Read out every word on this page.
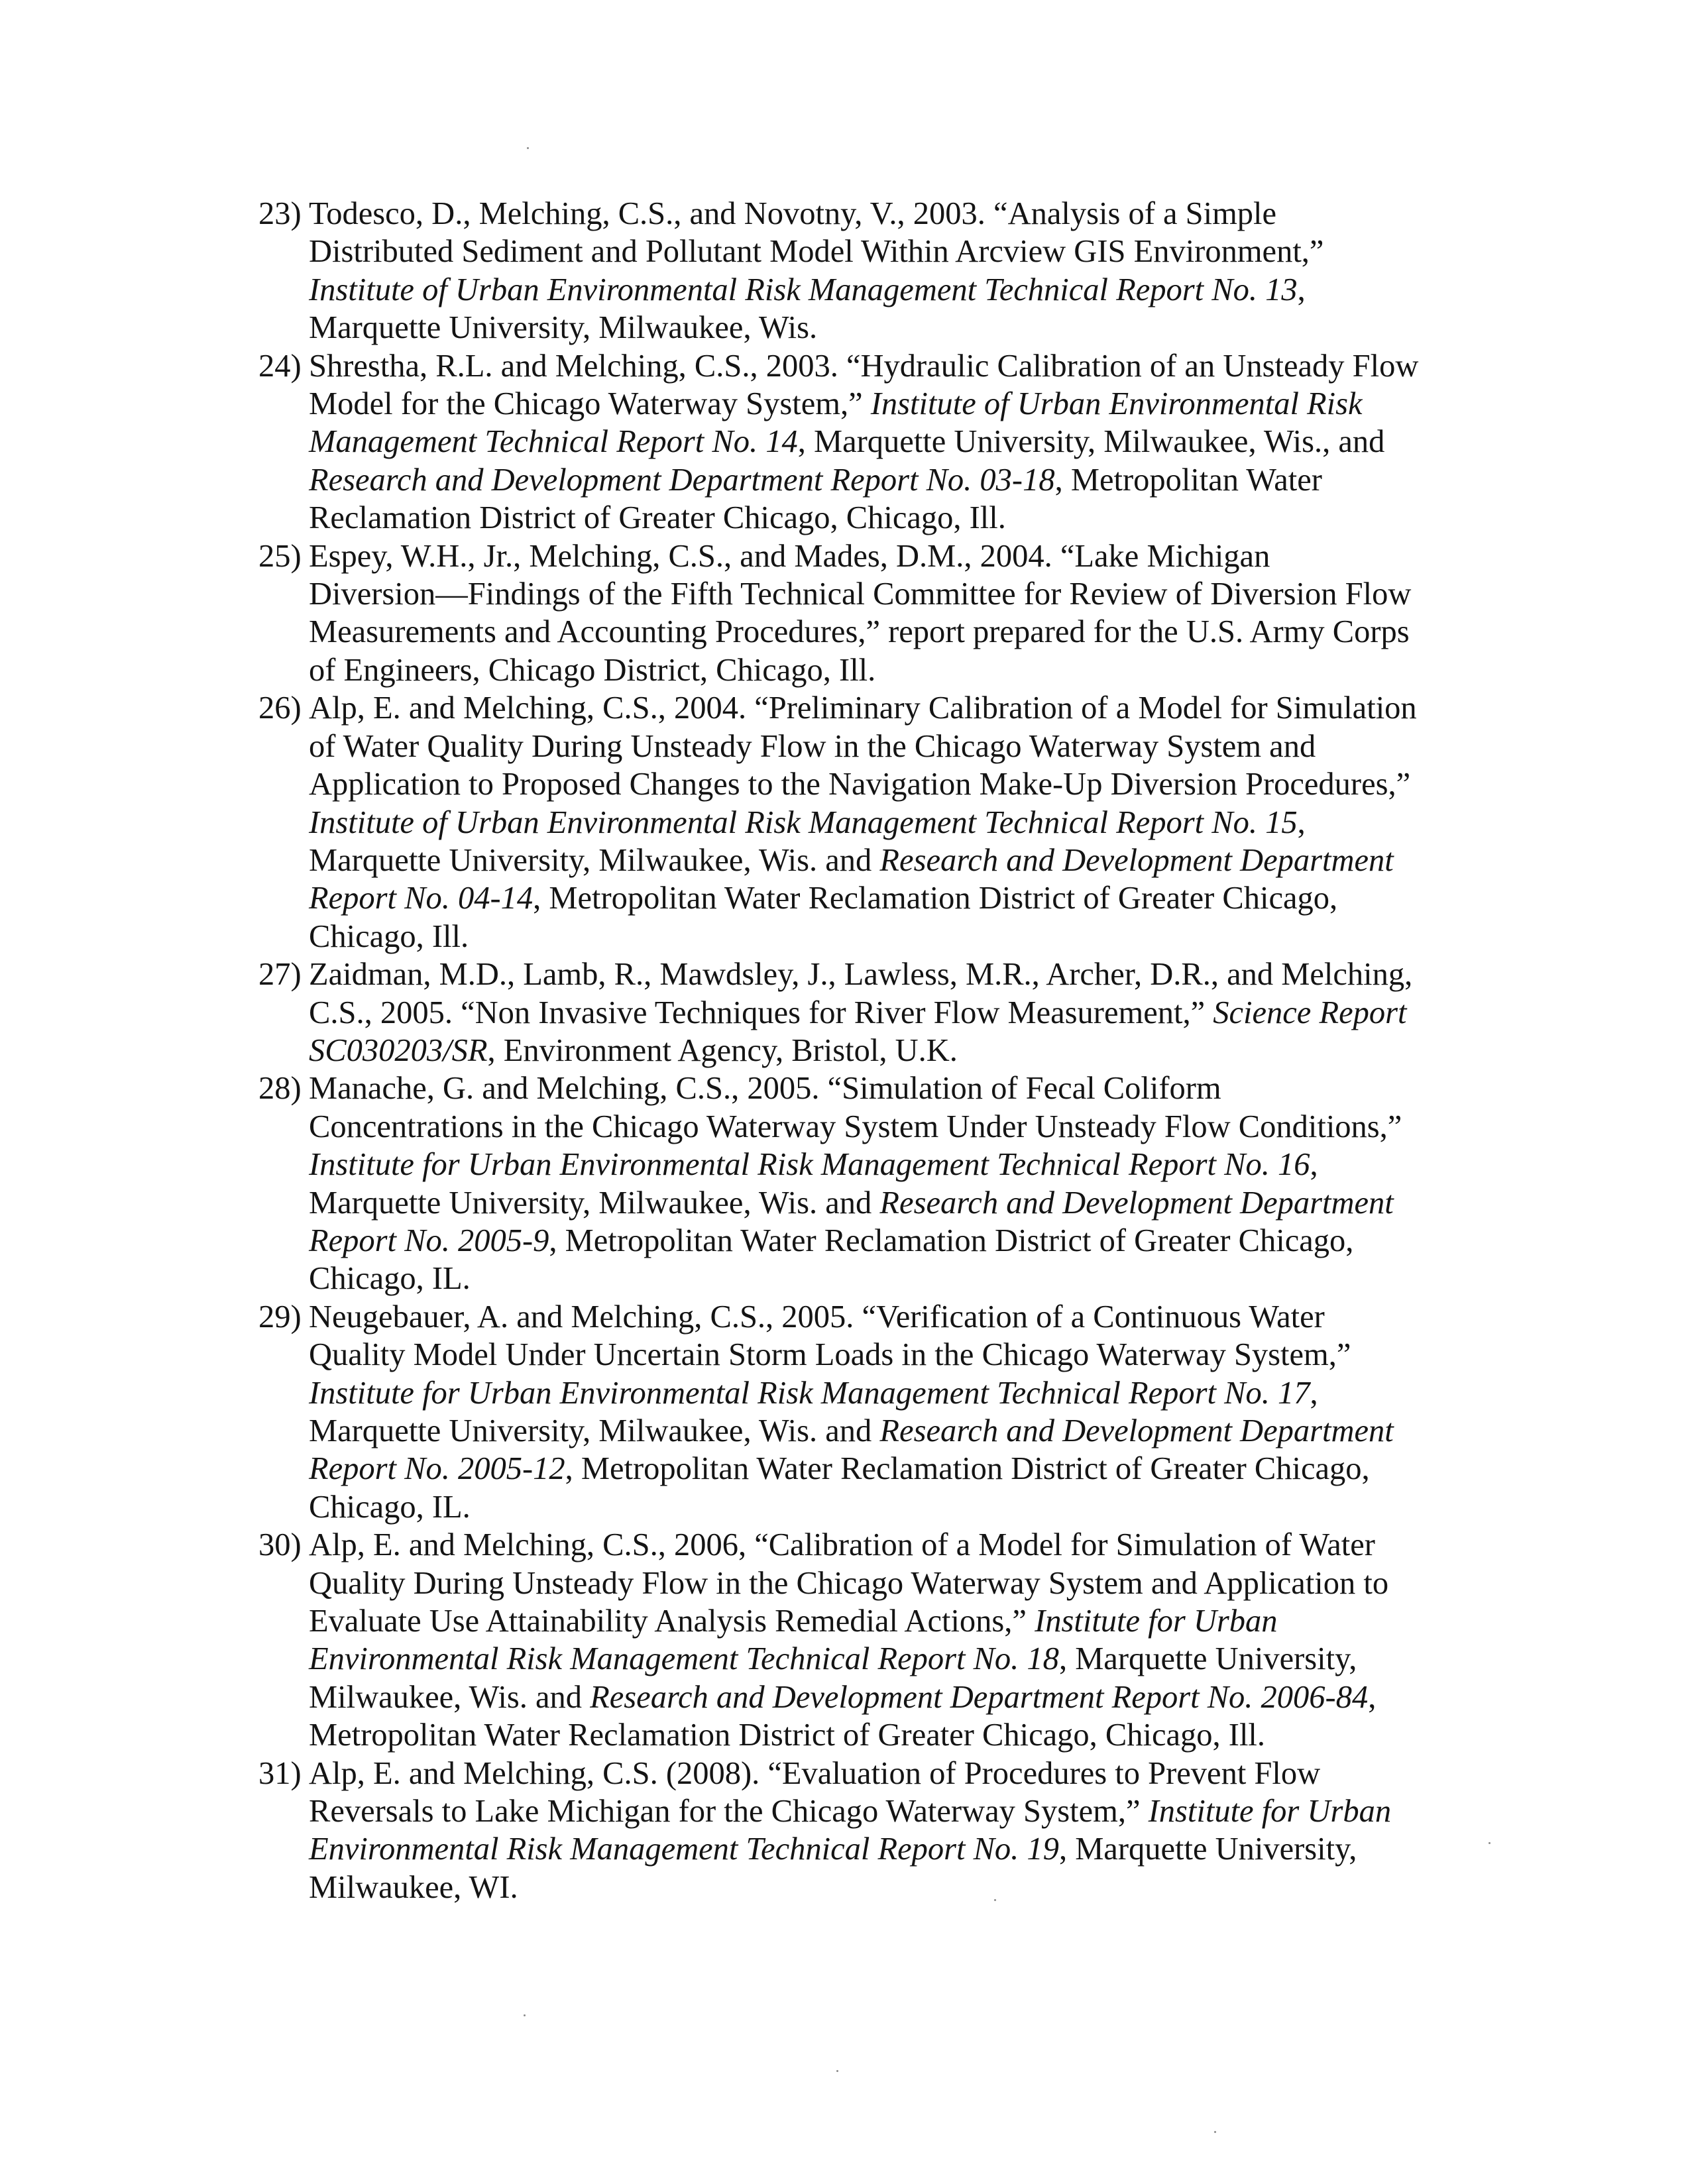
23) Todesco, D., Melching, C.S., and Novotny, V., 2003. “Analysis of a Simple
Distributed Sediment and Pollutant Model Within Arcview GIS Environment,”
Institute of Urban Environmental Risk Management Technical Report No. 13,
Marquette University, Milwaukee, Wis.
24) Shrestha, R.L. and Melching, C.S., 2003. “Hydraulic Calibration of an Unsteady Flow
Model for the Chicago Waterway System,” Institute of Urban Environmental Risk
Management Technical Report No. 14, Marquette University, Milwaukee, Wis., and
Research and Development Department Report No. 03-18, Metropolitan Water
Reclamation District of Greater Chicago, Chicago, Ill.
25) Espey, W.H., Jr., Melching, C.S., and Mades, D.M., 2004. “Lake Michigan
Diversion—Findings of the Fifth Technical Committee for Review of Diversion Flow
Measurements and Accounting Procedures,” report prepared for the U.S. Army Corps
of Engineers, Chicago District, Chicago, Ill.
26) Alp, E. and Melching, C.S., 2004. “Preliminary Calibration of a Model for Simulation
of Water Quality During Unsteady Flow in the Chicago Waterway System and
Application to Proposed Changes to the Navigation Make-Up Diversion Procedures,”
Institute of Urban Environmental Risk Management Technical Report No. 15,
Marquette University, Milwaukee, Wis. and Research and Development Department
Report No. 04-14, Metropolitan Water Reclamation District of Greater Chicago,
Chicago, Ill.
27) Zaidman, M.D., Lamb, R., Mawdsley, J., Lawless, M.R., Archer, D.R., and Melching,
C.S., 2005. “Non Invasive Techniques for River Flow Measurement,” Science Report
SC030203/SR, Environment Agency, Bristol, U.K.
28) Manache, G. and Melching, C.S., 2005. “Simulation of Fecal Coliform
Concentrations in the Chicago Waterway System Under Unsteady Flow Conditions,”
Institute for Urban Environmental Risk Management Technical Report No. 16,
Marquette University, Milwaukee, Wis. and Research and Development Department
Report No. 2005-9, Metropolitan Water Reclamation District of Greater Chicago,
Chicago, IL.
29) Neugebauer, A. and Melching, C.S., 2005. “Verification of a Continuous Water
Quality Model Under Uncertain Storm Loads in the Chicago Waterway System,”
Institute for Urban Environmental Risk Management Technical Report No. 17,
Marquette University, Milwaukee, Wis. and Research and Development Department
Report No. 2005-12, Metropolitan Water Reclamation District of Greater Chicago,
Chicago, IL.
30) Alp, E. and Melching, C.S., 2006, “Calibration of a Model for Simulation of Water
Quality During Unsteady Flow in the Chicago Waterway System and Application to
Evaluate Use Attainability Analysis Remedial Actions,” Institute for Urban
Environmental Risk Management Technical Report No. 18, Marquette University,
Milwaukee, Wis. and Research and Development Department Report No. 2006-84,
Metropolitan Water Reclamation District of Greater Chicago, Chicago, Ill.
31) Alp, E. and Melching, C.S. (2008). “Evaluation of Procedures to Prevent Flow
Reversals to Lake Michigan for the Chicago Waterway System,” Institute for Urban
Environmental Risk Management Technical Report No. 19, Marquette University,
Milwaukee, WI.
